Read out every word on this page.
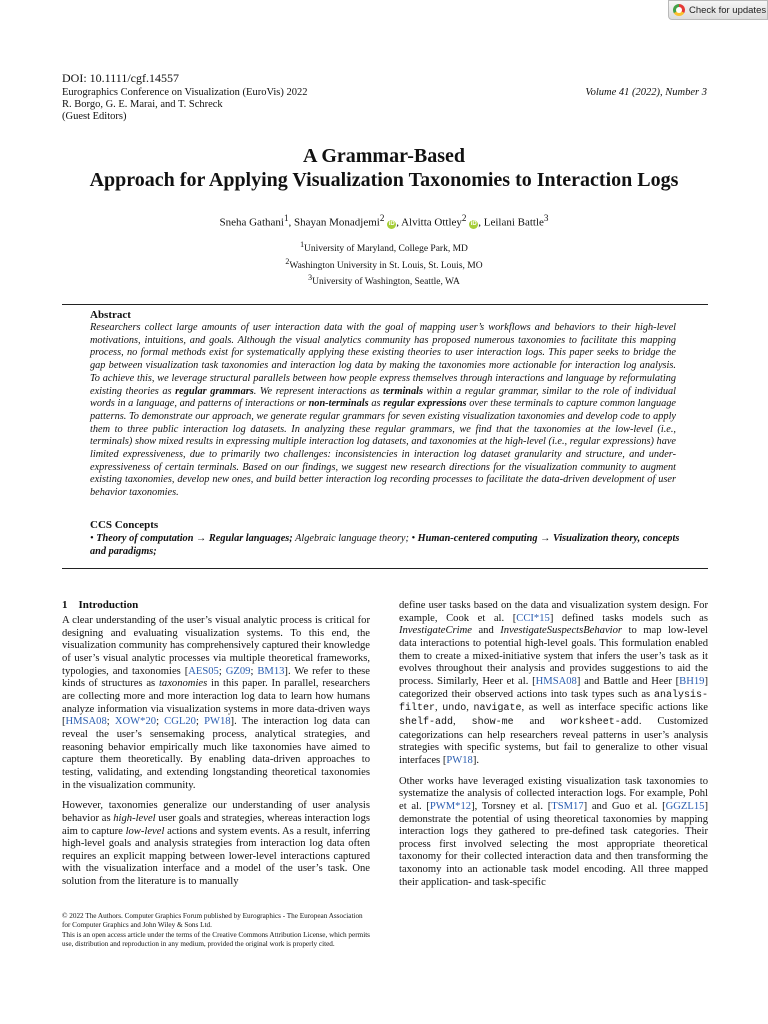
Check for updates
DOI: 10.1111/cgf.14557
Eurographics Conference on Visualization (EuroVis) 2022
R. Borgo, G. E. Marai, and T. Schreck
(Guest Editors)
Volume 41 (2022), Number 3
A Grammar-Based
Approach for Applying Visualization Taxonomies to Interaction Logs
Sneha Gathani$^1$, Shayan Monadjemi$^2$ iD , Alvitta Ottley$^2$ iD , Leilani Battle$^3$
$^1$University of Maryland, College Park, MD
$^2$Washington University in St. Louis, St. Louis, MO
$^3$University of Washington, Seattle, WA
Abstract
Researchers collect large amounts of user interaction data with the goal of mapping user’s workflows and behaviors to their high-level motivations, intuitions, and goals. Although the visual analytics community has proposed numerous taxonomies to facilitate this mapping process, no formal methods exist for systematically applying these existing theories to user interaction logs. This paper seeks to bridge the gap between visualization task taxonomies and interaction log data by making the taxonomies more actionable for interaction log analysis. To achieve this, we leverage structural parallels between how people express themselves through interactions and language by reformulating existing theories as regular grammars. We represent interactions as terminals within a regular grammar, similar to the role of individual words in a language, and patterns of interactions or non-terminals as regular expressions over these terminals to capture common language patterns. To demonstrate our approach, we generate regular grammars for seven existing visualization taxonomies and develop code to apply them to three public interaction log datasets. In analyzing these regular grammars, we find that the taxonomies at the low-level (i.e., terminals) show mixed results in expressing multiple interaction log datasets, and taxonomies at the high-level (i.e., regular expressions) have limited expressiveness, due to primarily two challenges: inconsistencies in interaction log dataset granularity and structure, and under-expressiveness of certain terminals. Based on our findings, we suggest new research directions for the visualization community to augment existing taxonomies, develop new ones, and build better interaction log recording processes to facilitate the data-driven development of user behavior taxonomies.
CCS Concepts
• Theory of computation → Regular languages; Algebraic language theory; • Human-centered computing → Visualization theory, concepts and paradigms;
1 Introduction

A clear understanding of the user’s visual analytic process is critical for designing and evaluating visualization systems. To this end, the visualization community has comprehensively captured their knowledge of user’s visual analytic processes via multiple theoretical frameworks, typologies, and taxonomies [AES05; GZ09; BM13]. We refer to these kinds of structures as taxonomies in this paper. In parallel, researchers are collecting more and more interaction log data to learn how humans analyze information via visualization systems in more data-driven ways [HMSA08; XOW*20; CGL20; PW18]. The interaction log data can reveal the user’s sensemaking process, analytical strategies, and reasoning behavior empirically much like taxonomies have aimed to capture them theoretically. By enabling data-driven approaches to testing, validating, and extending longstanding theoretical taxonomies in the visualization community.

However, taxonomies generalize our understanding of user analysis behavior as high-level user goals and strategies, whereas interaction logs aim to capture low-level actions and system events. As a result, inferring high-level goals and analysis strategies from interaction log data often requires an explicit mapping between lower-level interactions captured with the visualization interface and a model of the user’s task. One solution from the literature is to manually

define user tasks based on the data and visualization system design. For example, Cook et al. [CCI*15] defined tasks models such as InvestigateCrime and InvestigateSuspectsBehavior to map low-level data interactions to potential high-level goals. This formulation enabled them to create a mixed-initiative system that infers the user’s task as it evolves throughout their analysis and provides suggestions to aid the process. Similarly, Heer et al. [HMSA08] and Battle and Heer [BH19] categorized their observed actions into task types such as analysis-filter, undo, navigate, as well as interface specific actions like shelf-add, show-me and worksheet-add. Customized categorizations can help researchers reveal patterns in user’s analysis strategies with specific systems, but fail to generalize to other visual interfaces [PW18].

Other works have leveraged existing visualization task taxonomies to systematize the analysis of collected interaction logs. For example, Pohl et al. [PWM*12], Torsney et al. [TSM17] and Guo et al. [GGZL15] demonstrate the potential of using theoretical taxonomies by mapping interaction logs they gathered to pre-defined task categories. Their process first involved selecting the most appropriate theoretical taxonomy for their collected interaction data and then transforming the taxonomy into an actionable task model encoding. All three mapped their application- and task-specific

© 2022 The Authors. Computer Graphics Forum published by Eurographics - The European Association for Computer Graphics and John Wiley & Sons Ltd.
This is an open access article under the terms of the Creative Commons Attribution License, which permits use, distribution and reproduction in any medium, provided the original work is properly cited.
